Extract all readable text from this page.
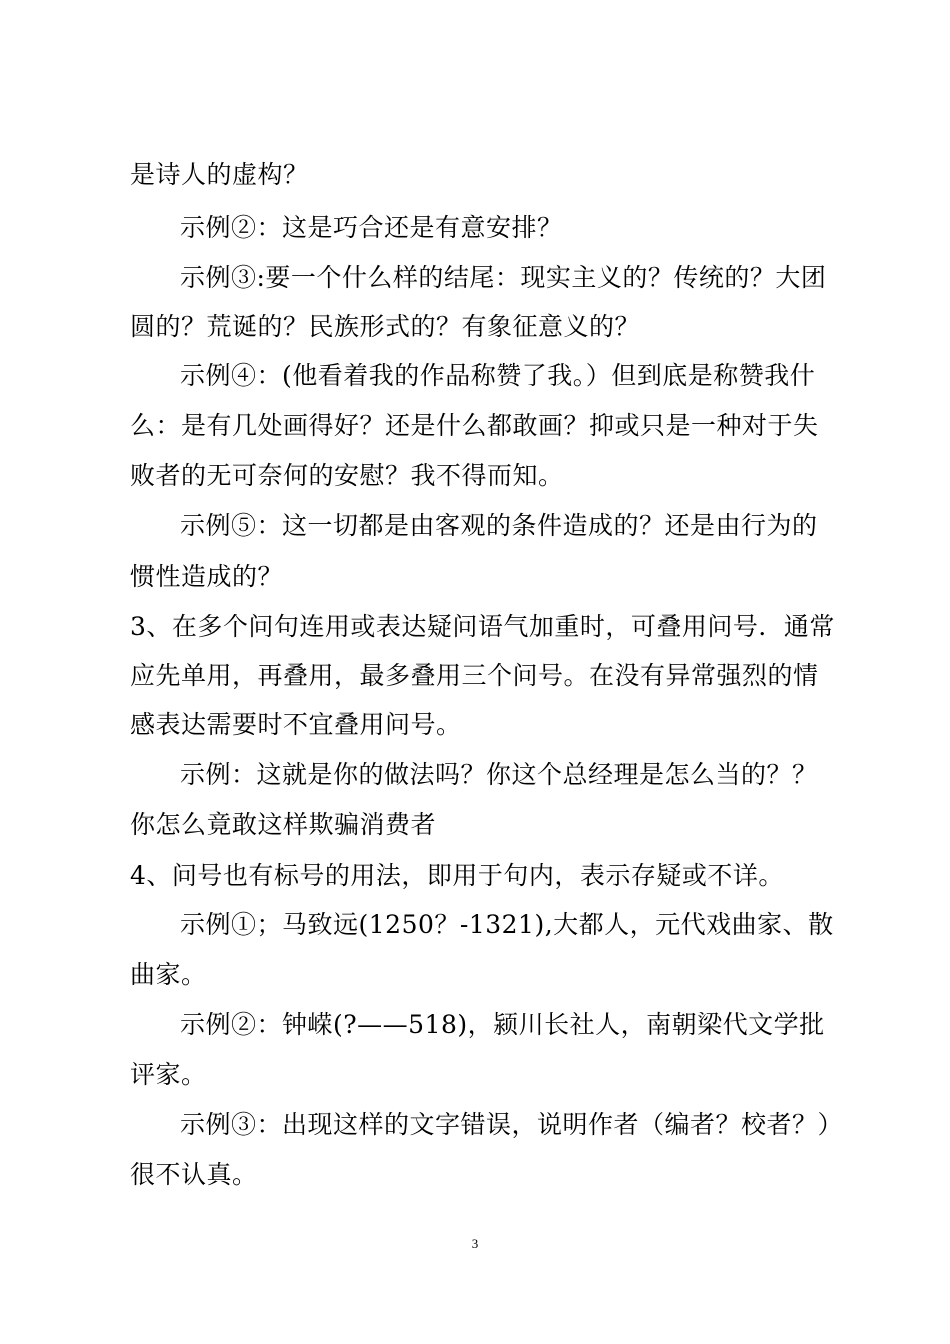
是诗人的虚构？
示例②：这是巧合还是有意安排？
示例③:要一个什么样的结尾：现实主义的？传统的？大团
圆的？荒诞的？民族形式的？有象征意义的？
示例④：(他看着我的作品称赞了我。）但到底是称赞我什
么：是有几处画得好？还是什么都敢画？抑或只是一种对于失
败者的无可奈何的安慰？我不得而知。
示例⑤：这一切都是由客观的条件造成的？还是由行为的
惯性造成的？
3、在多个问句连用或表达疑问语气加重时，可叠用问号．通常
应先单用，再叠用，最多叠用三个问号。在没有异常强烈的情
感表达需要时不宜叠用问号。
示例：这就是你的做法吗？你这个总经理是怎么当的？？
你怎么竟敢这样欺骗消费者
4、问号也有标号的用法，即用于句内，表示存疑或不详。
示例①；马致远(1250？-1321),大都人，元代戏曲家、散
曲家。
示例②：钟嵘(?——518)，颍川长社人，南朝梁代文学批
评家。
示例③：出现这样的文字错误，说明作者（编者？校者？）
很不认真。
3
